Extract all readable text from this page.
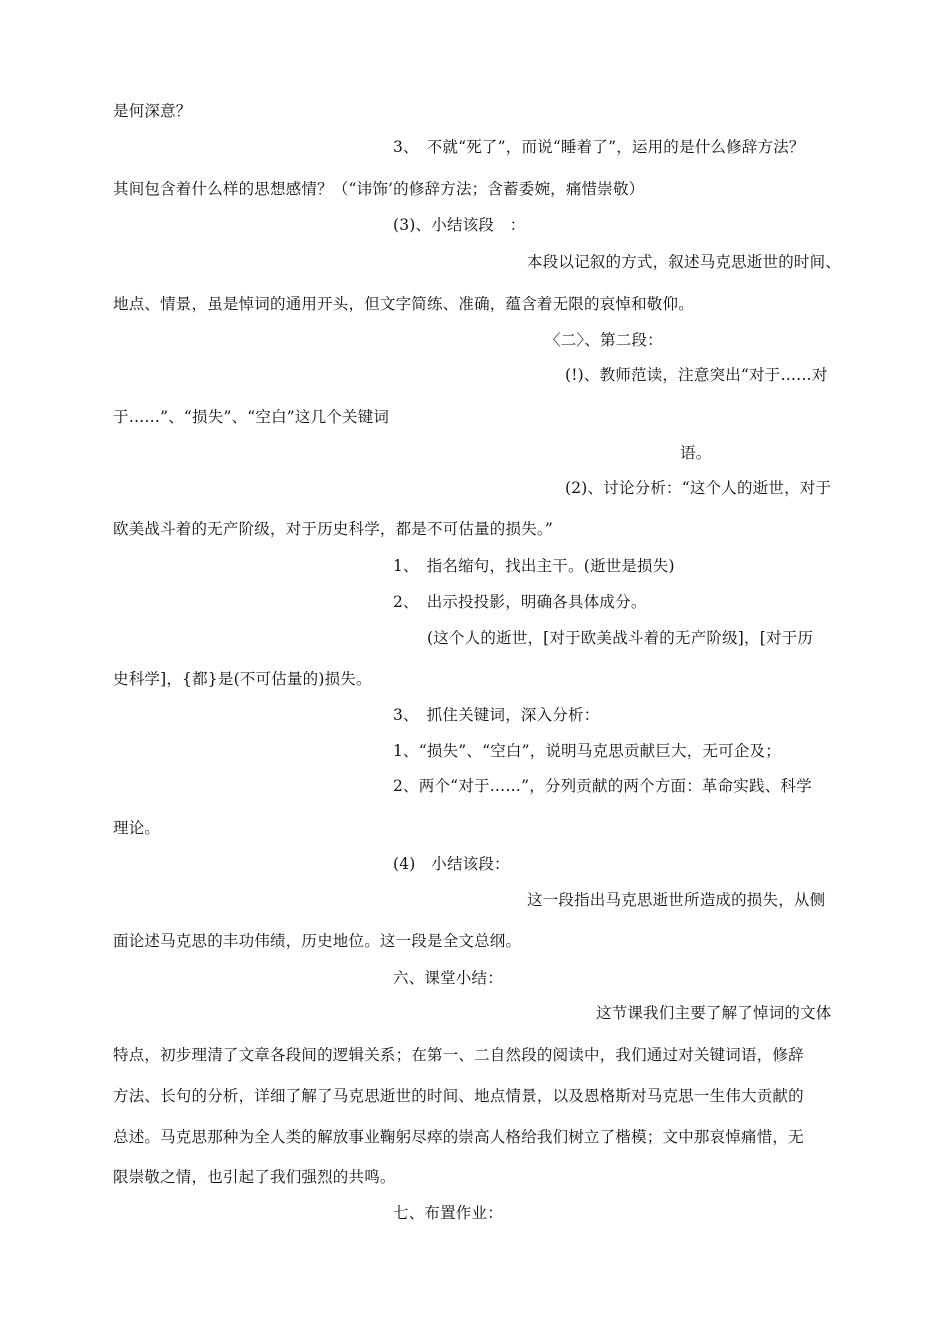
是何深意？
3、　不就“死了”，而说“睡着了”，运用的是什么修辞方法？
其间包含着什么样的思想感情？（“讳饰’的修辞方法；含蓄委婉，痛惜崇敬）
(3)、小结该段　：
本段以记叙的方式，叙述马克思逝世的时间、
地点、情景，虽是悼词的通用开头，但文字简练、准确，蕴含着无限的哀悼和敬仰。
〈二〉、第二段：
(!)、教师范读，注意突出“对于……对
于……”、“损失”、“空白”这几个关键词
语。
(2)、讨论分析：“这个人的逝世，对于
欧美战斗着的无产阶级，对于历史科学，都是不可估量的损失。”
1、　指名缩句，找出主干。(逝世是损失)
2、　出示投投影，明确各具体成分。
(这个人的逝世，[对于欧美战斗着的无产阶级]，[对于历
史科学]，{都}是(不可估量的)损失。
3、　抓住关键词，深入分析：
1、“损失”、“空白”，说明马克思贡献巨大，无可企及；
2、两个“对于……”，分列贡献的两个方面：革命实践、科学
理论。
(4)　小结该段：
这一段指出马克思逝世所造成的损失，从侧
面论述马克思的丰功伟绩，历史地位。这一段是全文总纲。
六、课堂小结：
这节课我们主要了解了悼词的文体
特点，初步理清了文章各段间的逻辑关系；在第一、二自然段的阅读中，我们通过对关键词语，修辞
方法、长句的分析，详细了解了马克思逝世的时间、地点情景，以及恩格斯对马克思一生伟大贡献的
总述。马克思那种为全人类的解放事业鞠躬尽瘁的崇高人格给我们树立了楷模；文中那哀悼痛惜，无
限崇敬之情，也引起了我们强烈的共鸣。
七、布置作业：
